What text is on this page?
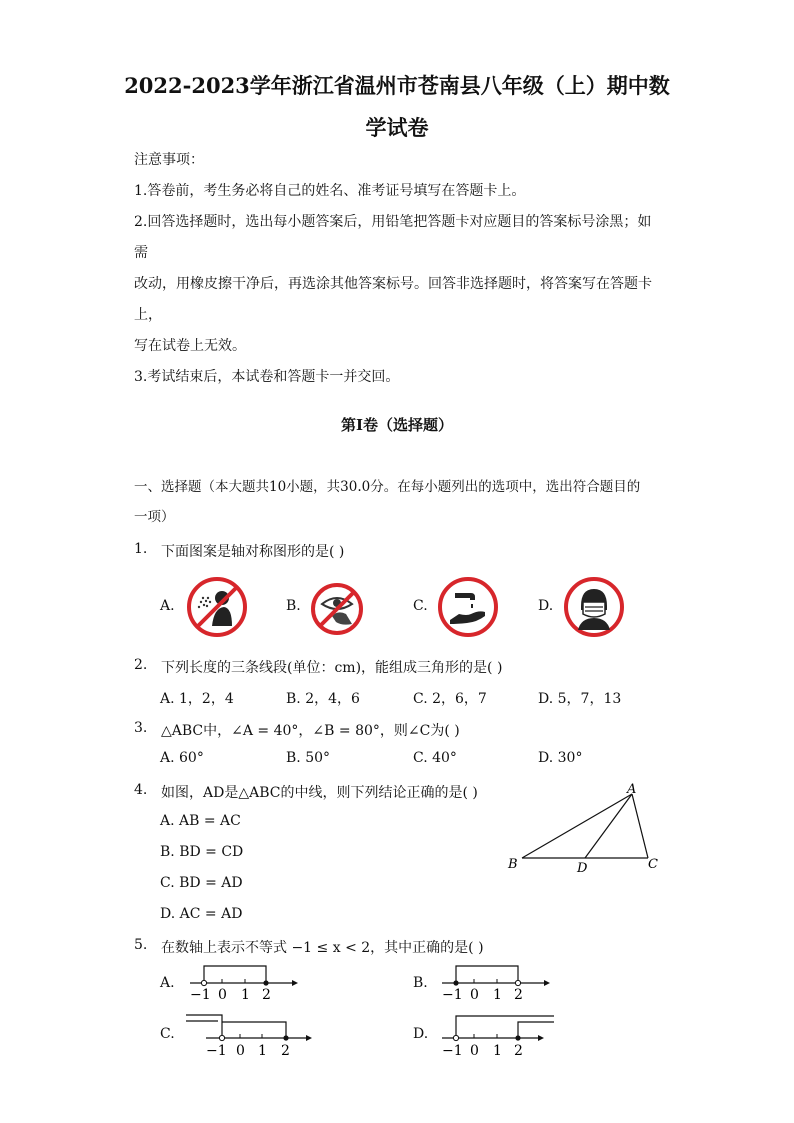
2022-2023学年浙江省温州市苍南县八年级（上）期中数
学试卷

注意事项：

1.答卷前，考生务必将自己的姓名、准考证号填写在答题卡上。

2.回答选择题时，选出每小题答案后，用铅笔把答题卡对应题目的答案标号涂黑；如需

改动，用橡皮擦干净后，再选涂其他答案标号。回答非选择题时，将答案写在答题卡上，

写在试卷上无效。

3.考试结束后，本试卷和答题卡一并交回。

第Ⅰ卷（选择题）
一、选择题（本大题共10小题，共30.0分。在每小题列出的选项中，选出符合题目的
一项）
1. 下面图案是轴对称图形的是( )
A.	B.	C.	D.
2. 下列长度的三条线段(单位：cm)，能组成三角形的是( )
A. 1，2，4	B. 2，4，6	C. 2，6，7	D. 5，7，13
3. △ABC中，∠A = 40°，∠B = 80°，则∠C为( )
A. 60°	B. 50°	C. 40°	D. 30°
4. 如图，AD是△ABC的中线，则下列结论正确的是( )
A. AB = AC
B. BD = CD
C. BD = AD
D. AC = AD
A
B	D	C
5. 在数轴上表示不等式 −1 ≤ x < 2，其中正确的是( )
A.
−1 0 1 2
B.
−1 0 1 2
C.
−1 0 1 2
D.
−1 0 1 2
